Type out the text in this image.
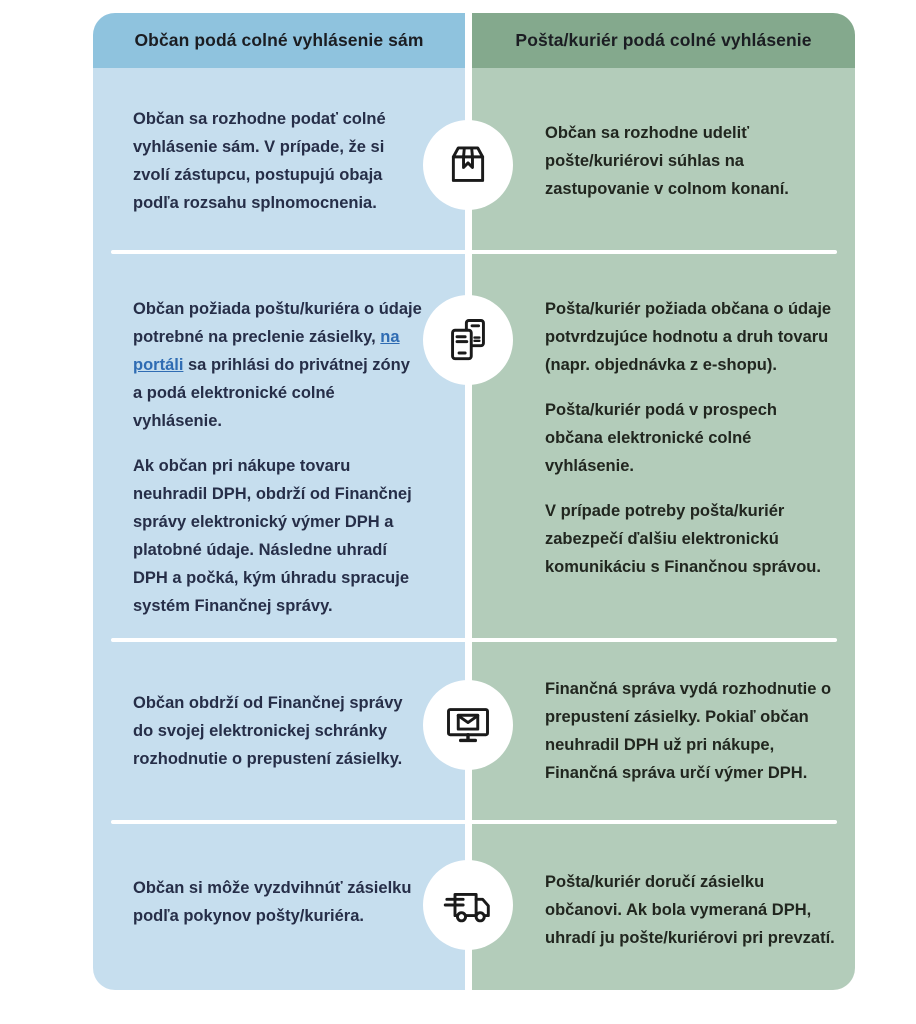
Občan podá colné vyhlásenie sám	Pošta/kuriér podá colné vyhlásenie

Občan sa rozhodne podať colné vyhlásenie sám. V prípade, že si zvolí zástupcu, postupujú obaja podľa rozsahu splnomocnenia.

Občan sa rozhodne udeliť pošte/kuriérovi súhlas na zastupovanie v colnom konaní.

Občan požiada poštu/kuriéra o údaje potrebné na preclenie zásielky, na portáli sa prihlási do privátnej zóny a podá elektronické colné vyhlásenie.

Ak občan pri nákupe tovaru neuhradil DPH, obdrží od Finančnej správy elektronický výmer DPH a platobné údaje. Následne uhradí DPH a počká, kým úhradu spracuje systém Finančnej správy.

Pošta/kuriér požiada občana o údaje potvrdzujúce hodnotu a druh tovaru (napr. objednávka z e-shopu).

Pošta/kuriér podá v prospech občana elektronické colné vyhlásenie.

V prípade potreby pošta/kuriér zabezpečí ďalšiu elektronickú komunikáciu s Finančnou správou.

Občan obdrží od Finančnej správy do svojej elektronickej schránky rozhodnutie o prepustení zásielky.

Finančná správa vydá rozhodnutie o prepustení zásielky. Pokiaľ občan neuhradil DPH už pri nákupe, Finančná správa určí výmer DPH.

Občan si môže vyzdvihnúť zásielku podľa pokynov pošty/kuriéra.

Pošta/kuriér doručí zásielku občanovi. Ak bola vymeraná DPH, uhradí ju pošte/kuriérovi pri prevzatí.
